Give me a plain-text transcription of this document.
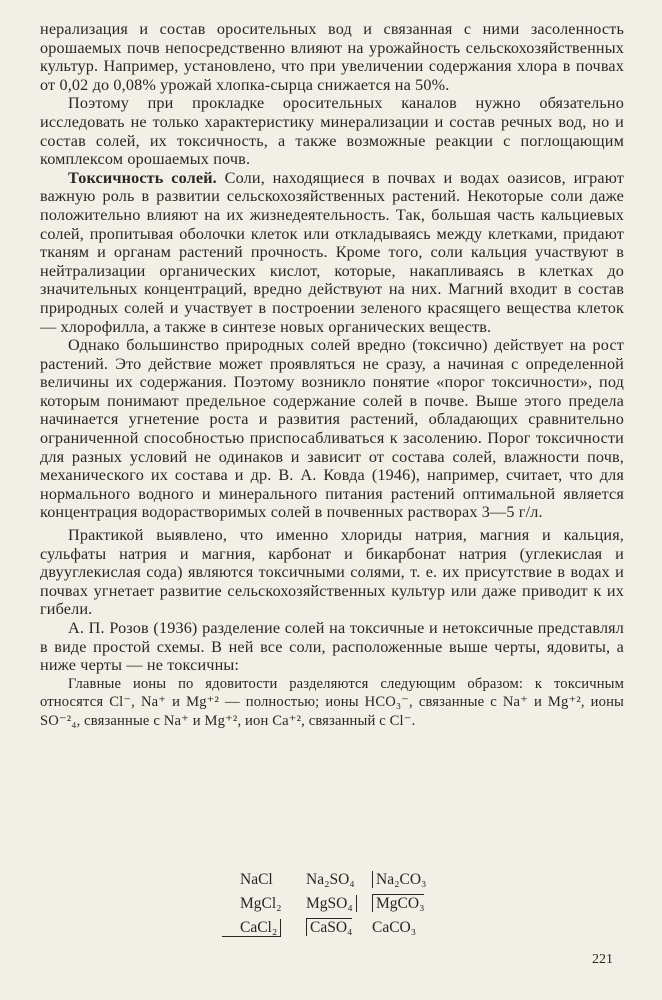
нерализация и состав оросительных вод и связанная с ними засоленность орошаемых почв непосредственно влияют на урожайность сельскохозяйственных культур. Например, установлено, что при увеличении содержания хлора в почвах от 0,02 до 0,08% урожай хлопка-сырца снижается на 50%.

Поэтому при прокладке оросительных каналов нужно обязательно исследовать не только характеристику минерализации и состав речных вод, но и состав солей, их токсичность, а также возможные реакции с поглощающим комплексом орошаемых почв.

Токсичность солей. Соли, находящиеся в почвах и водах оазисов, играют важную роль в развитии сельскохозяйственных растений. Некоторые соли даже положительно влияют на их жизнедеятельность. Так, большая часть кальциевых солей, пропитывая оболочки клеток или откладываясь между клетками, придают тканям и органам растений прочность. Кроме того, соли кальция участвуют в нейтрализации органических кислот, которые, накапливаясь в клетках до значительных концентраций, вредно действуют на них. Магний входит в состав природных солей и участвует в построении зеленого красящего вещества клеток — хлорофилла, а также в синтезе новых органических веществ.

Однако большинство природных солей вредно (токсично) действует на рост растений. Это действие может проявляться не сразу, а начиная с определенной величины их содержания. Поэтому возникло понятие «порог токсичности», под которым понимают предельное содержание солей в почве. Выше этого предела начинается угнетение роста и развития растений, обладающих сравнительно ограниченной способностью приспосабливаться к засолению. Порог токсичности для разных условий не одинаков и зависит от состава солей, влажности почв, механического их состава и др. В. А. Ковда (1946), например, считает, что для нормального водного и минерального питания растений оптимальной является концентрация водорастворимых солей в почвенных растворах 3—5 г/л.

Практикой выявлено, что именно хлориды натрия, магния и кальция, сульфаты натрия и магния, карбонат и бикарбонат натрия (углекислая и двууглекислая сода) являются токсичными солями, т. е. их присутствие в водах и почвах угнетает развитие сельскохозяйственных культур или даже приводит к их гибели.

А. П. Розов (1936) разделение солей на токсичные и нетоксичные представлял в виде простой схемы. В ней все соли, расположенные выше черты, ядовиты, а ниже черты — не токсичны:

Главные ионы по ядовитости разделяются следующим образом: к токсичным относятся Cl⁻, Na⁺ и Mg⁺² — полностью; ионы HCO₃⁻, связанные с Na⁺ и Mg⁺², ионы SO⁻²₄, связанные с Na⁺ и Mg⁺², ион Ca⁺², связанный с Cl⁻.

NaCl	Na₂SO₄	Na₂CO₃
MgCl₂	MgSO₄	MgCO₃
CaCl₂	CaSO₄	CaCO₃
221
